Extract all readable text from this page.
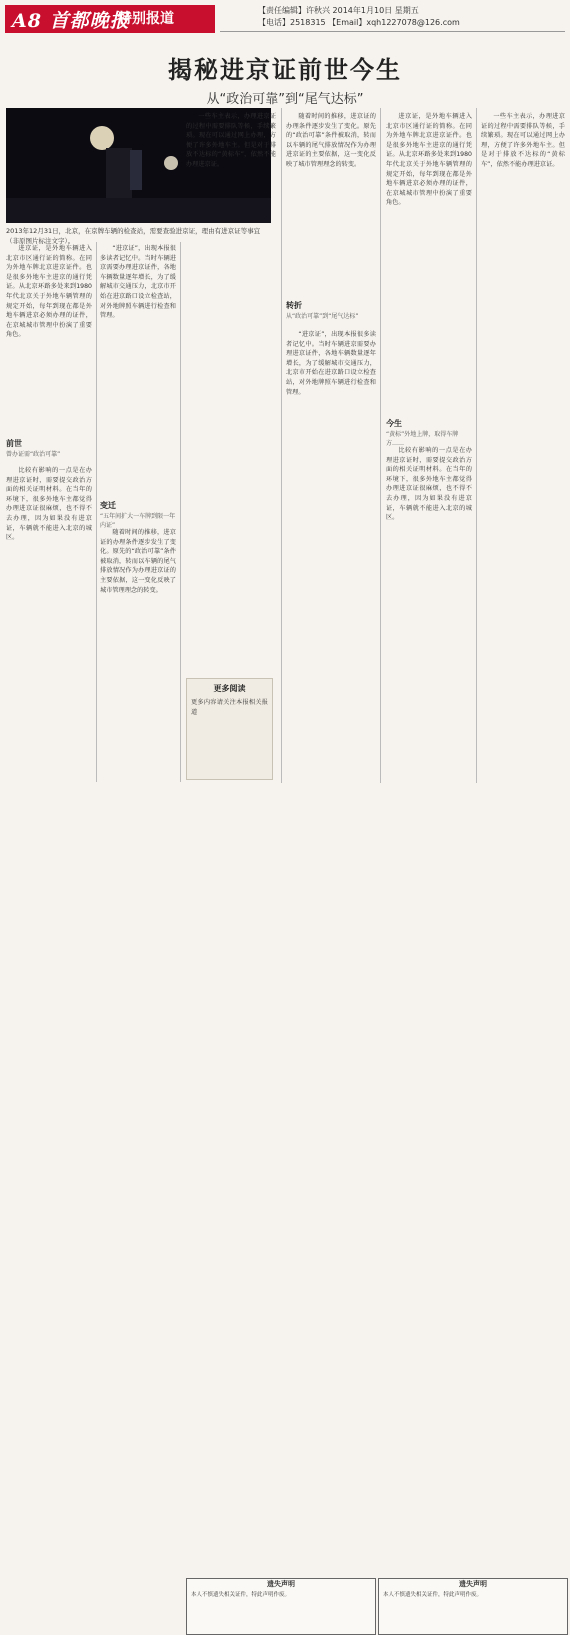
A8 首都晚报
特别报道
【责任编辑】许秋兴 2014年1月10日 星期五
【电话】2518315 【Email】xqh1227078@126.com
揭秘进京证前世今生
从“政治可靠”到“尾气达标”
2013年12月31日，北京，在京牌车辆的检查站，需要查验进京证，理由有进京证等事宜（非原图片标注文字）。

进京证，是外地车辆进入北京市区通行证的简称。在同为外地车牌北京进京证件。也是很多外地车主进京的通行凭证。从北京环路多处来到1980年代北京关于外地车辆管理的规定开始，每年到现在都是外地车辆进京必须办理的证件，在京城城市管理中扮演了重要角色。

前世
曾办证需“政治可靠”

比较有影响的一点是在办理进京证时，需要提交政治方面的相关证明材料。在当年的环境下，很多外地车主都觉得办理进京证很麻烦，也不得不去办理，因为如果没有进京证，车辆就不能进入北京的城区。

“进京证”，出现本报很多读者记忆中。当时车辆进京需要办理进京证件，各地车辆数量逐年增长，为了缓解城市交通压力，北京市开始在进京路口设立检查站，对外地牌照车辆进行检查和管理。

变迁
“五年间扩大一车牌到限一年内证”

随着时间的推移，进京证的办理条件逐步发生了变化。原先的“政治可靠”条件被取消，转而以车辆的尾气排放情况作为办理进京证的主要依据，这一变化反映了城市管理理念的转变。

一些车主表示，办理进京证的过程中需要排队等候，手续繁琐。现在可以通过网上办理，方便了许多外地车主。但是对于排放不达标的“黄标车”，依然不能办理进京证。

更多阅读
更多内容请关注本报相关报道
转折
从“政治可靠”到“尾气达标”

随着时间的推移，进京证的办理条件逐步发生了变化。原先的“政治可靠”条件被取消，转而以车辆的尾气排放情况作为办理进京证的主要依据，这一变化反映了城市管理理念的转变。

“进京证”，出现本报很多读者记忆中。当时车辆进京需要办理进京证件，各地车辆数量逐年增长，为了缓解城市交通压力，北京市开始在进京路口设立检查站，对外地牌照车辆进行检查和管理。

进京证，是外地车辆进入北京市区通行证的简称。在同为外地车牌北京进京证件。也是很多外地车主进京的通行凭证。从北京环路多处来到1980年代北京关于外地车辆管理的规定开始，每年到现在都是外地车辆进京必须办理的证件，在京城城市管理中扮演了重要角色。

今生
“黄标”外地上牌，取得车牌方……

比较有影响的一点是在办理进京证时，需要提交政治方面的相关证明材料。在当年的环境下，很多外地车主都觉得办理进京证很麻烦，也不得不去办理，因为如果没有进京证，车辆就不能进入北京的城区。

一些车主表示，办理进京证的过程中需要排队等候，手续繁琐。现在可以通过网上办理，方便了许多外地车主。但是对于排放不达标的“黄标车”，依然不能办理进京证。

遗失声明
本人不慎遗失相关证件，特此声明作废。
遗失声明
本人不慎遗失相关证件，特此声明作废。
